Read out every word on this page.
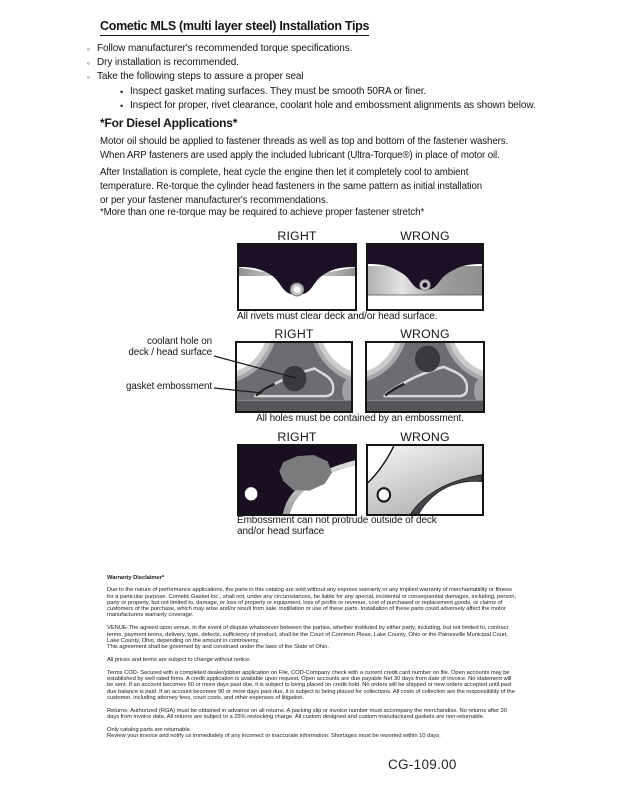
Cometic MLS (multi layer steel) Installation Tips
◦ Follow manufacturer's recommended torque specifications.
◦ Dry installation is recommended.
◦ Take the following steps to assure a proper seal
• Inspect gasket mating surfaces. They must be smooth 50RA or finer.
• Inspect for proper, rivet clearance, coolant hole and embossment alignments as shown below.
*For Diesel Applications*
Motor oil should be applied to fastener threads as well as top and bottom of the fastener washers.
When ARP fasteners are used apply the included lubricant (Ultra-Torque®) in place of motor oil.
After Installation is complete, heat cycle the engine then let it completely cool to ambient
temperature. Re-torque the cylinder head fasteners in the same pattern as initial installation
or per your fastener manufacturer's recommendations.
*More than one re-torque may be required to achieve proper fastener stretch*
RIGHT	WRONG
All rivets must clear deck and/or head surface.
RIGHT	WRONG
coolant hole on
deck / head surface
gasket embossment
All holes must be contained by an embossment.
RIGHT	WRONG
Embossment can not protrude outside of deck
and/or head surface
Warranty Disclaimer*

Due to the nature of performance applications, the parts in this catalog are sold without any express warranty or any implied warranty of merchantability or fitness for a particular purpose. Cometic Gasket Inc., shall not, under any circumstances, be liable for any special, incidental or consequential damages, including, person, party or property, but not limited to, damage, or loss of property or equipment, loss of profits or revenue, cost of purchased or replacement goods, or claims of customers of the purchase, which may arise and/or result from sale, instillation or use of these parts. Installation of these parts could adversely affect the motor manufacturers warranty coverage.

VENUE-The agreed upon venue, in the event of dispute whatsoever between the parties, whether instituted by either party, including, but not limited to, contract terms, payment terms, delivery, type, defects, sufficiency of product, shall be the Court of Common Pleas, Lake County, Ohio or the Painesville Municipal Court, Lake County, Ohio, depending on the amount in controversy.

This agreement shall be governed by and construed under the laws of the State of Ohio.

All prices and terms are subject to change without notice.

Terms COD- Secured with a completed dealer/jobber application on File, COD-Company check with a current credit card number on file. Open accounts may be established by well rated firms. A credit application is available upon request. Open accounts are due payable Net 30 days from date of invoice. No statement will be sent. If an account becomes 60 or more days past due, it is subject to being placed on credit hold. No orders will be shipped or new orders accepted until past due balance is paid. If an account becomes 90 or more days past due, it is subject to being placed for collections. All costs of collection are the responsibility of the customer, including attorney fees, court costs, and other expenses of litigation.

Returns- Authorized (RGA) must be obtained in advance on all returns. A packing slip or invoice number must accompany the merchandise. No returns after 30 days from invoice date. All returns are subject to a 25% restocking charge. All custom designed and custom manufactured gaskets are non-returnable.

Only catalog parts are returnable.

Review your invoice and notify us immediately of any incorrect or inaccurate information. Shortages must be reported within 10 days.

CG-109.00
